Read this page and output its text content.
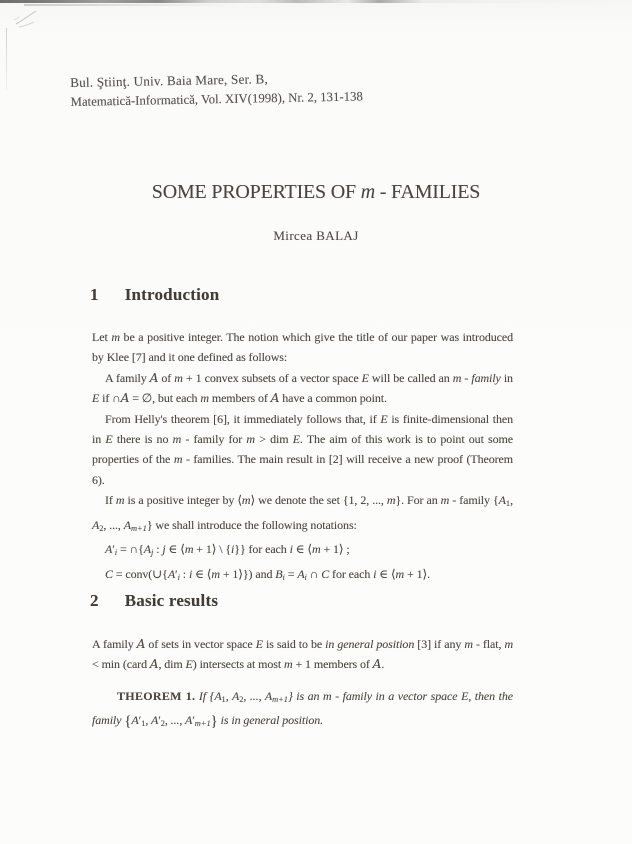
Bul. Ştiinţ. Univ. Baia Mare, Ser. B,
Matematică-Informatică, Vol. XIV(1998), Nr. 2, 131-138
SOME PROPERTIES OF m - FAMILIES
Mircea BALAJ
1 Introduction

Let m be a positive integer. The notion which give the title of our paper was introduced by Klee [7] and it one defined as follows:

A family A of m + 1 convex subsets of a vector space E will be called an m - family in E if ∩A = ∅, but each m members of A have a common point.

From Helly's theorem [6], it immediately follows that, if E is finite-dimensional then in E there is no m - family for m > dim E. The aim of this work is to point out some properties of the m - families. The main result in [2] will receive a new proof (Theorem 6).

If m is a positive integer by ⟨m⟩ we denote the set {1, 2, ..., m}. For an m - family {$A_1$, $A_2$, ..., $A_{m+1}$} we shall introduce the following notations:

$A'_i$ = $\cap\{A_j$ : j ∈ ⟨m + 1⟩ \ {i}} for each i ∈ ⟨m + 1⟩ ;

$C = conv(\cup\{A'_i$ : i ∈ ⟨m + 1⟩}) and $B_i = A_i$ ∩ C for each i ∈ ⟨m + 1⟩.

2 Basic results

A family A of sets in vector space E is said to be in general position [3] if any m - flat, m < min (card A, dim E) intersects at most m + 1 members of A.

THEOREM 1. If {$A_1$, $A_2$, ..., $A_{m+1}$} is an m - family in a vector space E, then the family {$A'_1$, $A'_2$, ..., $A'_{m+1}$} is in general position.
